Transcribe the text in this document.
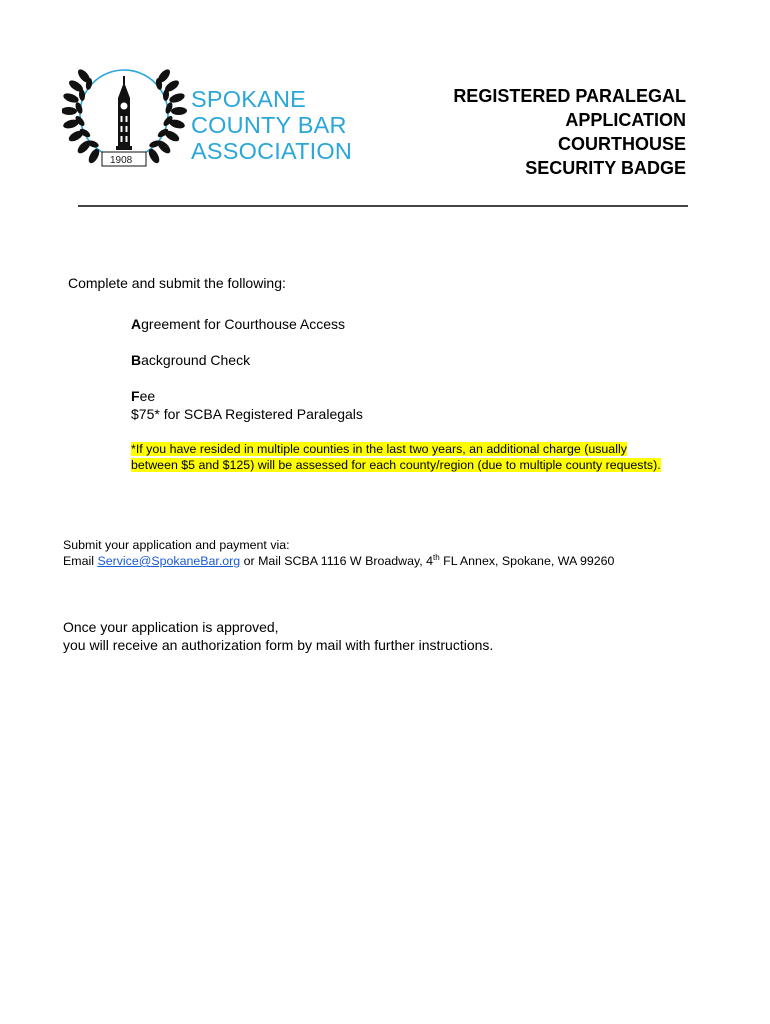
1908
SPOKANE
COUNTY BAR
ASSOCIATION
REGISTERED PARALEGAL
APPLICATION
COURTHOUSE
SECURITY BADGE
Complete and submit the following:

Agreement for Courthouse Access

Background Check

Fee

$75* for SCBA Registered Paralegals

*If you have resided in multiple counties in the last two years, an additional charge (usually between $5 and $125) will be assessed for each county/region (due to multiple county requests).
Submit your application and payment via:
Email Service@SpokaneBar.org or Mail SCBA 1116 W Broadway, 4th FL Annex, Spokane, WA 99260
Once your application is approved,
you will receive an authorization form by mail with further instructions.
